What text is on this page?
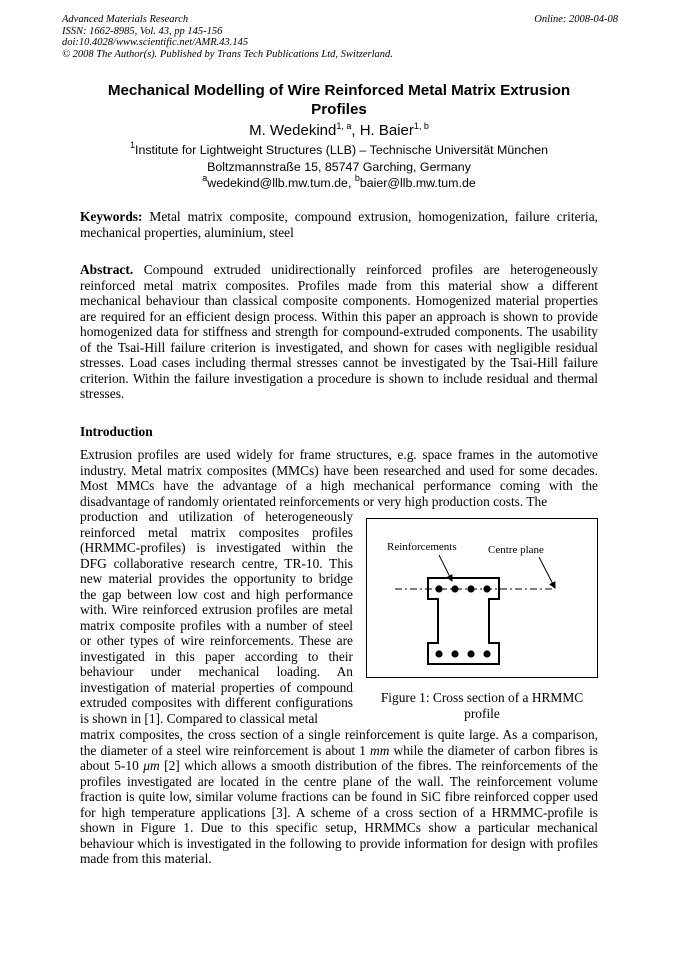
Advanced Materials Research
ISSN: 1662-8985, Vol. 43, pp 145-156
doi:10.4028/www.scientific.net/AMR.43.145
© 2008 The Author(s). Published by Trans Tech Publications Ltd, Switzerland.
Online: 2008-04-08
Mechanical Modelling of Wire Reinforced Metal Matrix Extrusion Profiles
M. Wedekind$^{1, a}$, H. Baier$^{1, b}$
$^1$Institute for Lightweight Structures (LLB) – Technische Universität München
Boltzmannstraße 15, 85747 Garching, Germany
$^a$wedekind@llb.mw.tum.de, $^b$baier@llb.mw.tum.de
Keywords: Metal matrix composite, compound extrusion, homogenization, failure criteria, mechanical properties, aluminium, steel
Abstract. Compound extruded unidirectionally reinforced profiles are heterogeneously reinforced metal matrix composites. Profiles made from this material show a different mechanical behaviour than classical composite components. Homogenized material properties are required for an efficient design process. Within this paper an approach is shown to provide homogenized data for stiffness and strength for compound-extruded components. The usability of the Tsai-Hill failure criterion is investigated, and shown for cases with negligible residual stresses. Load cases including thermal stresses cannot be investigated by the Tsai-Hill failure criterion. Within the failure investigation a procedure is shown to include residual and thermal stresses.
Introduction
Extrusion profiles are used widely for frame structures, e.g. space frames in the automotive industry. Metal matrix composites (MMCs) have been researched and used for some decades. Most MMCs have the advantage of a high mechanical performance coming with the disadvantage of randomly orientated reinforcements or very high production costs. The
production and utilization of heterogeneously reinforced metal matrix composites profiles (HRMMC-profiles) is investigated within the DFG collaborative research centre, TR-10. This new material provides the opportunity to bridge the gap between low cost and high performance with. Wire reinforced extrusion profiles are metal matrix composite profiles with a number of steel or other types of wire reinforcements. These are investigated in this paper according to their behaviour under mechanical loading. An investigation of material properties of compound extruded composites with different configurations is shown in [1]. Compared to classical metal
Reinforcements	Centre plane
Figure 1: Cross section of a HRMMC profile
matrix composites, the cross section of a single reinforcement is quite large. As a comparison, the diameter of a steel wire reinforcement is about 1 mm while the diameter of carbon fibres is about 5-10 μm [2] which allows a smooth distribution of the fibres. The reinforcements of the profiles investigated are located in the centre plane of the wall. The reinforcement volume fraction is quite low, similar volume fractions can be found in SiC fibre reinforced copper used for high temperature applications [3]. A scheme of a cross section of a HRMMC-profile is shown in Figure 1. Due to this specific setup, HRMMCs show a particular mechanical behaviour which is investigated in the following to provide information for design with profiles made from this material.
